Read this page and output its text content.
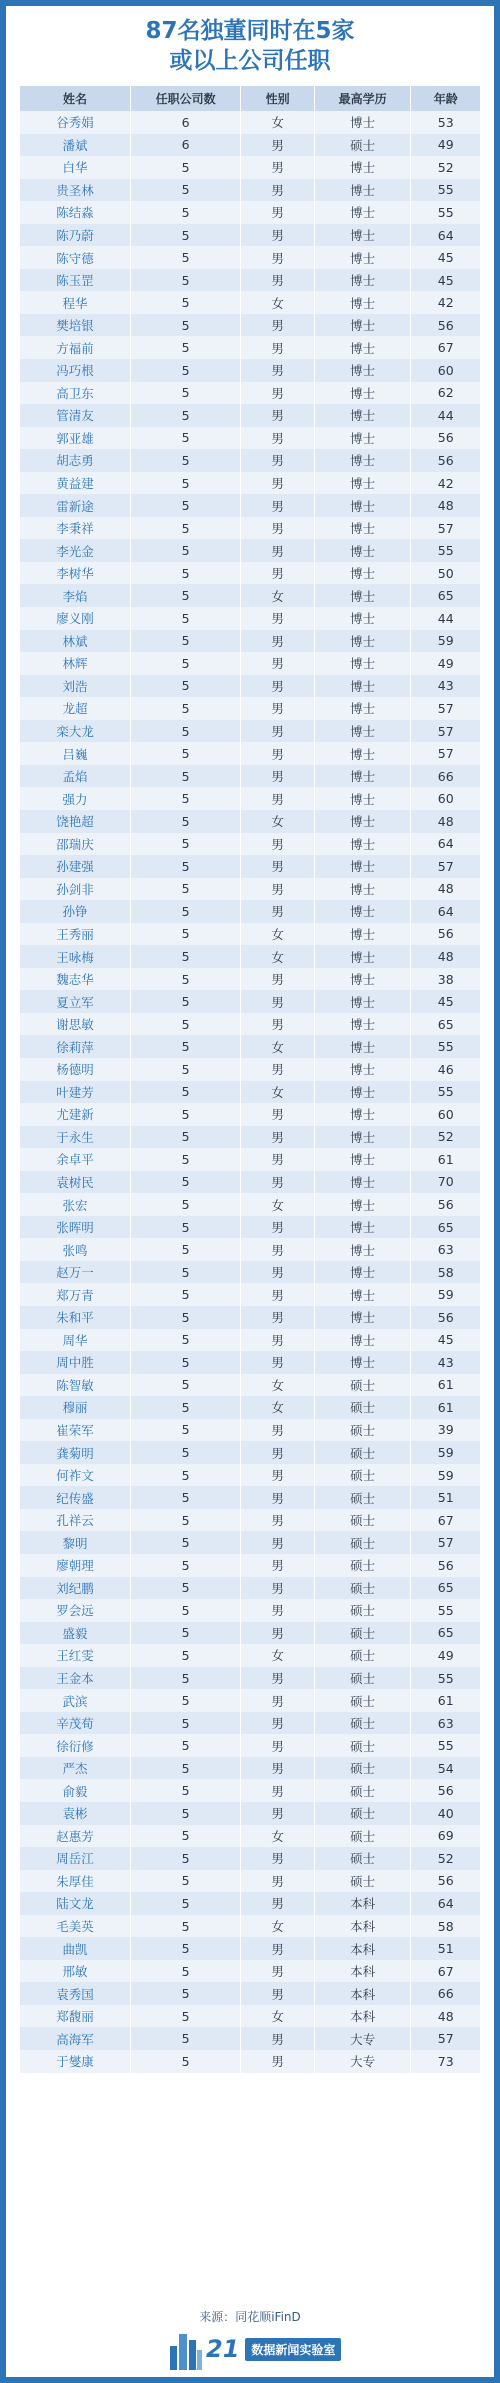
87名独董同时在5家
或以上公司任职
姓名	任职公司数	性别	最高学历	年龄
谷秀娟	6	女	博士	53
潘斌	6	男	硕士	49
白华	5	男	博士	52
贵圣林	5	男	博士	55
陈结淼	5	男	博士	55
陈乃蔚	5	男	博士	64
陈守德	5	男	博士	45
陈玉罡	5	男	博士	45
程华	5	女	博士	42
樊培银	5	男	博士	56
方福前	5	男	博士	67
冯巧根	5	男	博士	60
高卫东	5	男	博士	62
管清友	5	男	博士	44
郭亚雄	5	男	博士	56
胡志勇	5	男	博士	56
黄益建	5	男	博士	42
雷新途	5	男	博士	48
李秉祥	5	男	博士	57
李光金	5	男	博士	55
李树华	5	男	博士	50
李焰	5	女	博士	65
廖义刚	5	男	博士	44
林斌	5	男	博士	59
林辉	5	男	博士	49
刘浩	5	男	博士	43
龙超	5	男	博士	57
栾大龙	5	男	博士	57
吕巍	5	男	博士	57
孟焰	5	男	博士	66
强力	5	男	博士	60
饶艳超	5	女	博士	48
邵瑞庆	5	男	博士	64
孙建强	5	男	博士	57
孙剑非	5	男	博士	48
孙铮	5	男	博士	64
王秀丽	5	女	博士	56
王咏梅	5	女	博士	48
魏志华	5	男	博士	38
夏立军	5	男	博士	45
谢思敏	5	男	博士	65
徐莉萍	5	女	博士	55
杨德明	5	男	博士	46
叶建芳	5	女	博士	55
尤建新	5	男	博士	60
于永生	5	男	博士	52
余卓平	5	男	博士	61
袁树民	5	男	博士	70
张宏	5	女	博士	56
张晖明	5	男	博士	65
张鸣	5	男	博士	63
赵万一	5	男	博士	58
郑万青	5	男	博士	59
朱和平	5	男	博士	56
周华	5	男	博士	45
周中胜	5	男	博士	43
陈智敏	5	女	硕士	61
穆丽	5	女	硕士	61
崔荣军	5	男	硕士	39
龚菊明	5	男	硕士	59
何祚文	5	男	硕士	59
纪传盛	5	男	硕士	51
孔祥云	5	男	硕士	67
黎明	5	男	硕士	57
廖朝理	5	男	硕士	56
刘纪鹏	5	男	硕士	65
罗会远	5	男	硕士	55
盛毅	5	男	硕士	65
王红雯	5	女	硕士	49
王金本	5	男	硕士	55
武滨	5	男	硕士	61
辛茂荀	5	男	硕士	63
徐衍修	5	男	硕士	55
严杰	5	男	硕士	54
俞毅	5	男	硕士	56
袁彬	5	男	硕士	40
赵惠芳	5	女	硕士	69
周岳江	5	男	硕士	52
朱厚佳	5	男	硕士	56
陆文龙	5	男	本科	64
毛美英	5	女	本科	58
曲凯	5	男	本科	51
邢敏	5	男	本科	67
袁秀国	5	男	本科	66
郑馥丽	5	女	本科	48
高海军	5	男	大专	57
于燮康	5	男	大专	73
来源：同花顺iFinD
21	数据新闻实验室
